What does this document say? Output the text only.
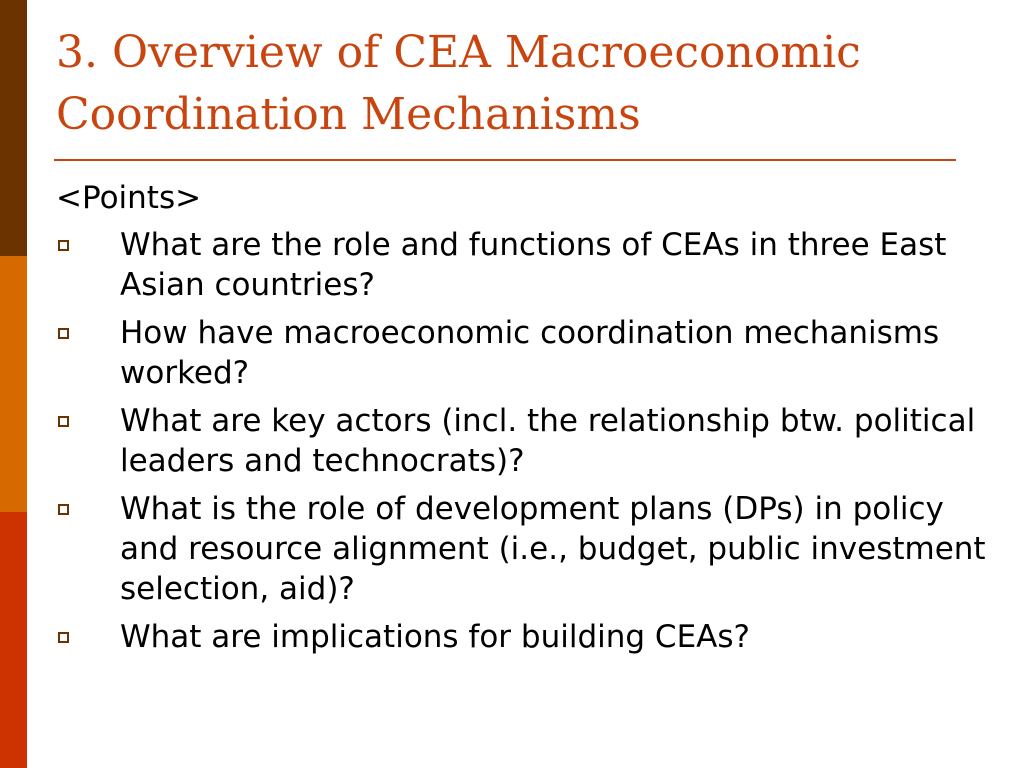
3. Overview of CEA Macroeconomic
Coordination Mechanisms
<Points>
What are the role and functions of CEAs in three East Asian countries?
How have macroeconomic coordination mechanisms worked?
What are key actors (incl. the relationship btw. political leaders and technocrats)?
What is the role of development plans (DPs) in policy and resource alignment (i.e., budget, public investment selection, aid)?
What are implications for building CEAs?
